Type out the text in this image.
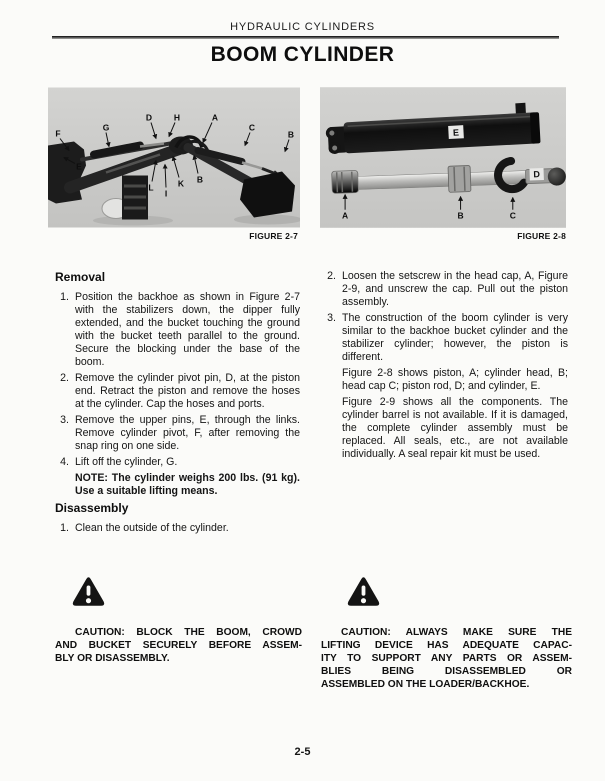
HYDRAULIC CYLINDERS
BOOM CYLINDER
F
G
D	H	A
C
B
E
B
L
I
K
E
D
A	B	C
FIGURE 2-7	FIGURE 2-8
Removal
1. Position the backhoe as shown in Figure 2-7 with the stabilizers down, the dipper fully extended, and the bucket touching the ground with the bucket teeth parallel to the ground. Secure the blocking under the base of the boom.
2. Remove the cylinder pivot pin, D, at the piston end. Retract the piston and remove the hoses at the cylinder. Cap the hoses and ports.
3. Remove the upper pins, E, through the links. Remove cylinder pivot, F, after removing the snap ring on one side.
4. Lift off the cylinder, G.
NOTE: The cylinder weighs 200 lbs. (91 kg). Use a suitable lifting means.
Disassembly
1. Clean the outside of the cylinder.
2. Loosen the setscrew in the head cap, A, Figure 2-9, and unscrew the cap. Pull out the piston assembly.

3. The construction of the boom cylinder is very similar to the backhoe bucket cylinder and the stabilizer cylinder; however, the piston is different.

Figure 2-8 shows piston, A; cylinder head, B; head cap C; piston rod, D; and cylinder, E.

Figure 2-9 shows all the components. The cylinder barrel is not available. If it is damaged, the complete cylinder assembly must be replaced. All seals, etc., are not available individually. A seal repair kit must be used.

CAUTION: BLOCK THE BOOM, CROWD
AND BUCKET SECURELY BEFORE ASSEM-
BLY OR DISASSEMBLY.
CAUTION: ALWAYS MAKE SURE THE
LIFTING DEVICE HAS ADEQUATE CAPAC-
ITY TO SUPPORT ANY PARTS OR ASSEM-
BLIES BEING DISASSEMBLED OR
ASSEMBLED ON THE LOADER/BACKHOE.
2-5
